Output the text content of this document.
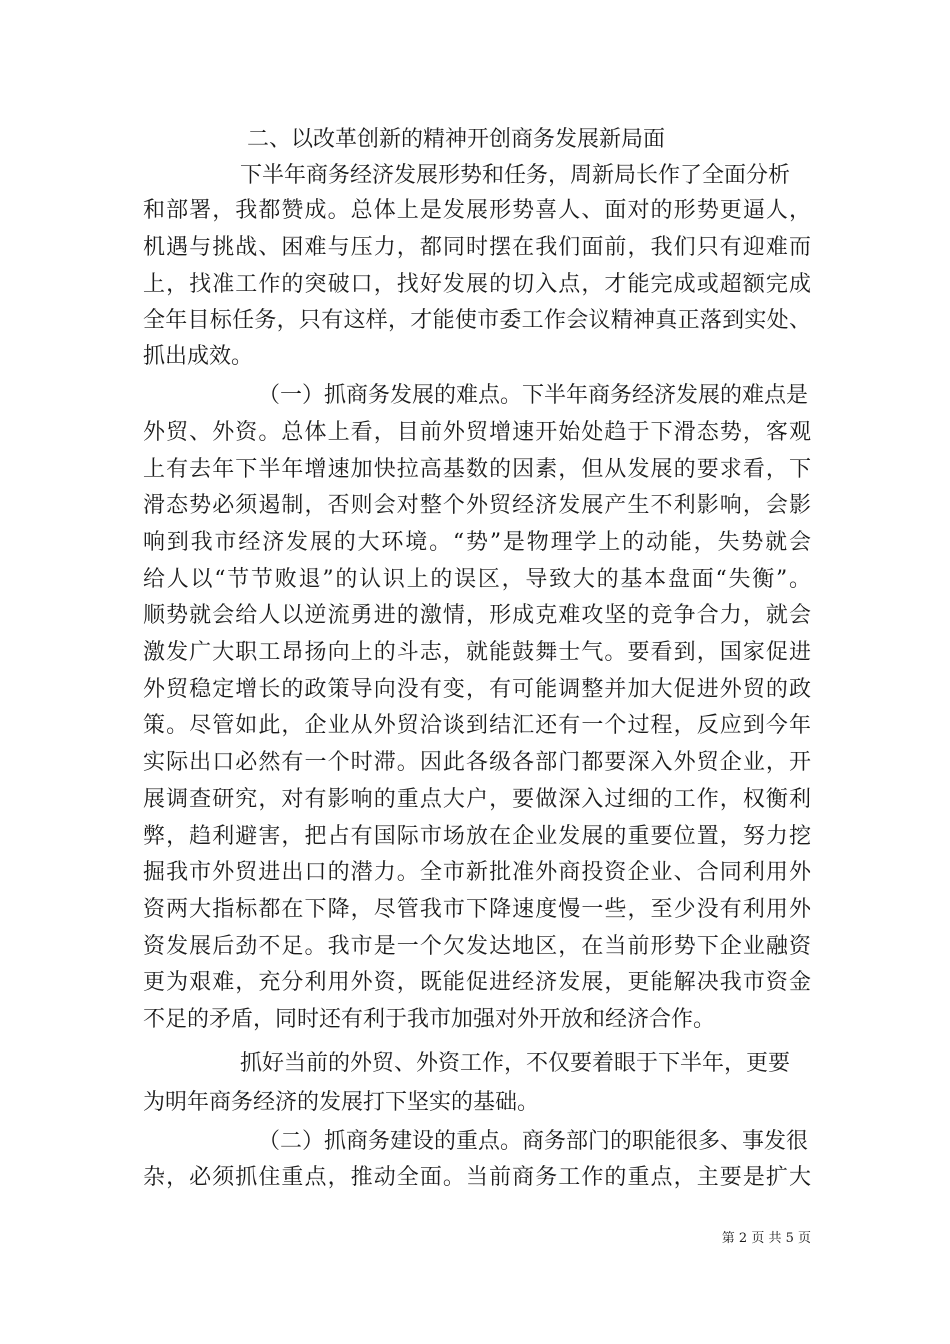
二、以改革创新的精神开创商务发展新局面
下半年商务经济发展形势和任务，周新局长作了全面分析
和部署，我都赞成。总体上是发展形势喜人、面对的形势更逼人，
机遇与挑战、困难与压力，都同时摆在我们面前，我们只有迎难而
上，找准工作的突破口，找好发展的切入点，才能完成或超额完成
全年目标任务，只有这样，才能使市委工作会议精神真正落到实处、
抓出成效。
（一）抓商务发展的难点。下半年商务经济发展的难点是
外贸、外资。总体上看，目前外贸增速开始处趋于下滑态势，客观
上有去年下半年增速加快拉高基数的因素，但从发展的要求看，下
滑态势必须遏制，否则会对整个外贸经济发展产生不利影响，会影
响到我市经济发展的大环境。“势”是物理学上的动能，失势就会
给人以“节节败退”的认识上的误区，导致大的基本盘面“失衡”。
顺势就会给人以逆流勇进的激情，形成克难攻坚的竞争合力，就会
激发广大职工昂扬向上的斗志，就能鼓舞士气。要看到，国家促进
外贸稳定增长的政策导向没有变，有可能调整并加大促进外贸的政
策。尽管如此，企业从外贸洽谈到结汇还有一个过程，反应到今年
实际出口必然有一个时滞。因此各级各部门都要深入外贸企业，开
展调查研究，对有影响的重点大户，要做深入过细的工作，权衡利
弊，趋利避害，把占有国际市场放在企业发展的重要位置，努力挖
掘我市外贸进出口的潜力。全市新批准外商投资企业、合同利用外
资两大指标都在下降，尽管我市下降速度慢一些，至少没有利用外
资发展后劲不足。我市是一个欠发达地区，在当前形势下企业融资
更为艰难，充分利用外资，既能促进经济发展，更能解决我市资金
不足的矛盾，同时还有利于我市加强对外开放和经济合作。
抓好当前的外贸、外资工作，不仅要着眼于下半年，更要
为明年商务经济的发展打下坚实的基础。
（二）抓商务建设的重点。商务部门的职能很多、事发很
杂，必须抓住重点，推动全面。当前商务工作的重点，主要是扩大
第 2 页 共 5 页
